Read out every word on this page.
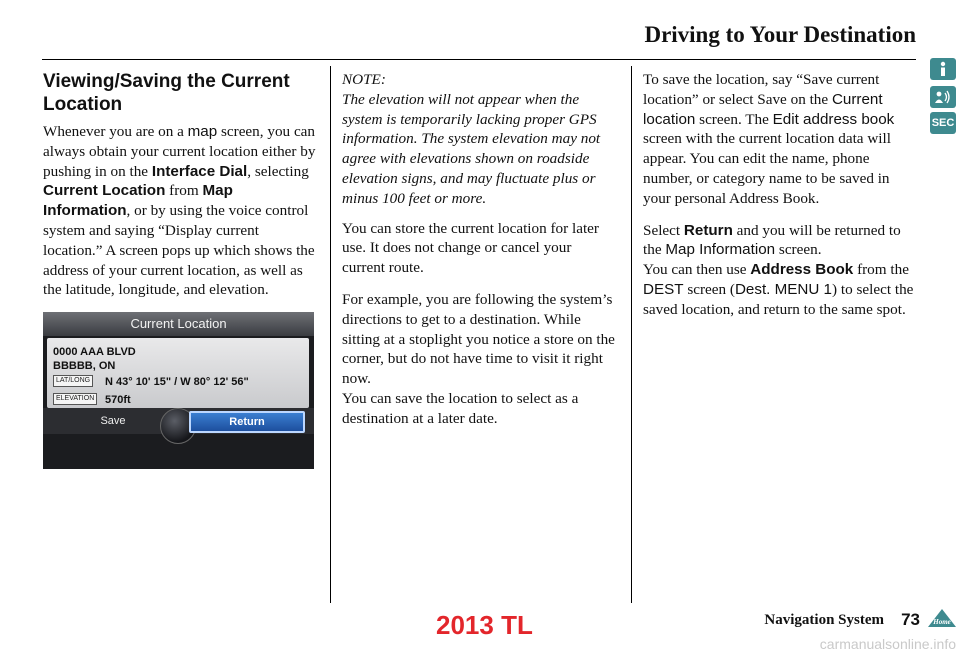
Driving to Your Destination
SEC
Viewing/Saving the Current Location

Whenever you are on a map screen, you can always obtain your current location either by pushing in on the Interface Dial, selecting Current Location from Map Information, or by using the voice control system and saying “Display current location.” A screen pops up which shows the address of your current location, as well as the latitude, longitude, and elevation.

Current Location
0000 AAA BLVD
BBBBB, ON
LAT/LONG N 43° 10' 15" / W 80° 12' 56"
ELEVATION 570ft
Save	Return

NOTE:
The elevation will not appear when the system is temporarily lacking proper GPS information. The system elevation may not agree with elevations shown on roadside elevation signs, and may fluctuate plus or minus 100 feet or more.

You can store the current location for later use. It does not change or cancel your current route.

For example, you are following the system’s directions to get to a destination. While sitting at a stoplight you notice a store on the corner, but do not have time to visit it right now.
You can save the location to select as a destination at a later date.

To save the location, say “Save current location” or select Save on the Current location screen. The Edit address book screen with the current location data will appear. You can edit the name, phone number, or category name to be saved in your personal Address Book.

Select Return and you will be returned to the Map Information screen.

You can then use Address Book from the DEST screen (Dest. MENU 1) to select the saved location, and return to the same spot.

2013 TL	Navigation System 73 Home
carmanualsonline.info
